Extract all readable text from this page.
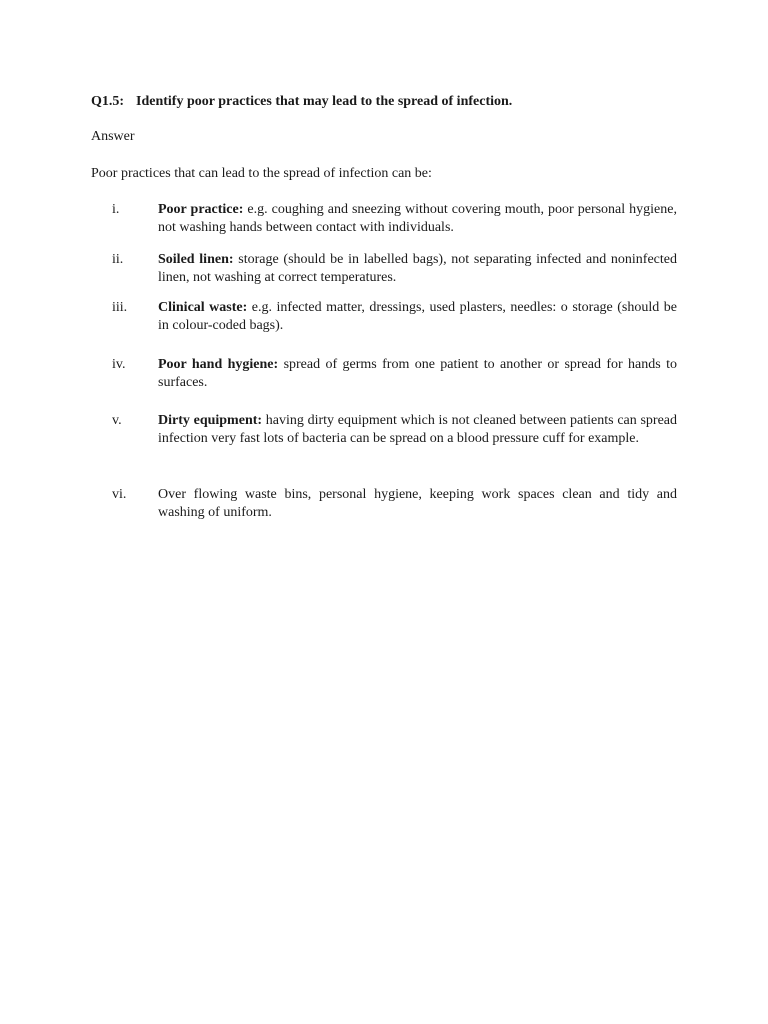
Q1.5: Identify poor practices that may lead to the spread of infection.
Answer
Poor practices that can lead to the spread of infection can be:
i.	Poor practice: e.g. coughing and sneezing without covering mouth, poor personal hygiene, not washing hands between contact with individuals.
ii.	Soiled linen: storage (should be in labelled bags), not separating infected and noninfected linen, not washing at correct temperatures.
iii.	Clinical waste: e.g. infected matter, dressings, used plasters, needles: o storage (should be in colour-coded bags).
iv.	Poor hand hygiene: spread of germs from one patient to another or spread for hands to surfaces.
v.	Dirty equipment: having dirty equipment which is not cleaned between patients can spread infection very fast lots of bacteria can be spread on a blood pressure cuff for example.
vi.	Over flowing waste bins, personal hygiene, keeping work spaces clean and tidy and washing of uniform.
